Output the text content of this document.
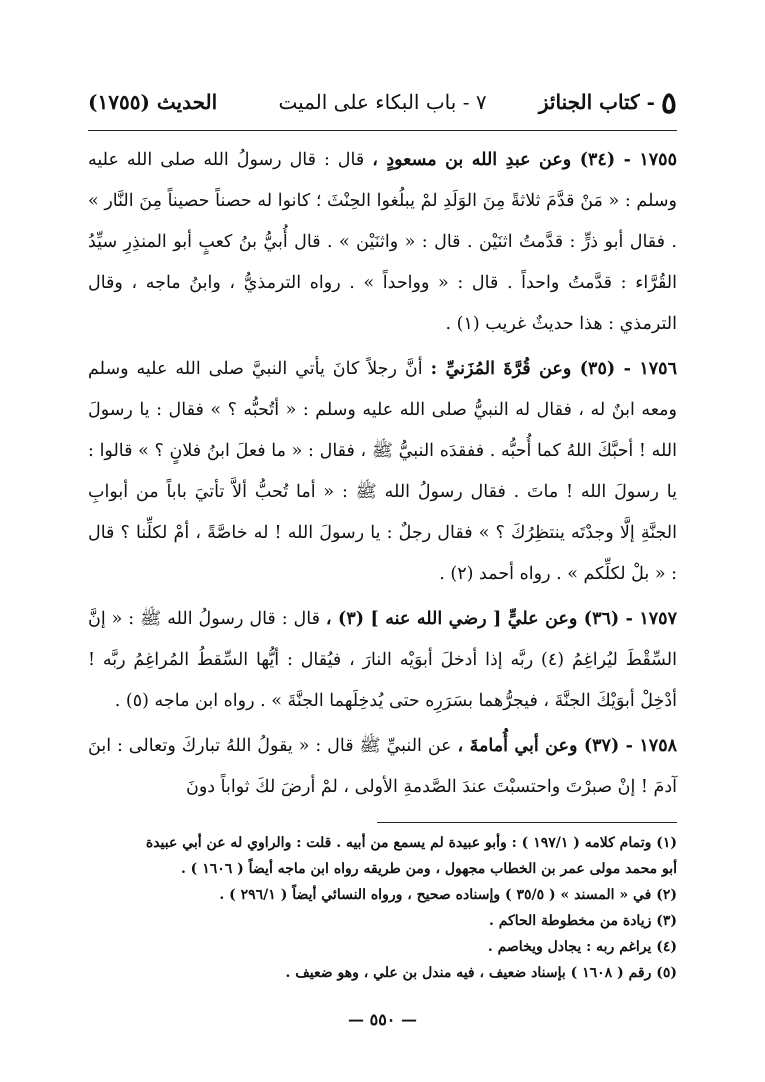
٥- كتاب الجنائز
٧ - باب البكاء على الميت
الحديث (١٧٥٥)

١٧٥٥ - (٣٤) وعن عبدِ الله بن مسعودٍ ، قال : قال رسولُ الله صلى الله عليه وسلم : « مَنْ قدَّمَ ثلاثةً مِنَ الوَلَدِ لمْ يبلُغوا الحِنْثَ ؛ كانوا له حصناً حصيناً مِنَ النَّار » . فقال أبو ذرٍّ : قدَّمتُ اثنَيْن . قال : « واثنَيْن » . قال أُبيُّ بنُ كعبٍ أبو المنذِرِ سيِّدُ القُرَّاء : قدَّمتُ واحداً . قال : « وواحداً » . رواه الترمذيُّ ، وابنُ ماجه ، وقال الترمذي : هذا حديثٌ غريب (١) .

١٧٥٦ - (٣٥) وعن قُرَّةَ المُزَنيِّ : أنَّ رجلاً كانَ يأتي النبيَّ صلى الله عليه وسلم ومعه ابنٌ له ، فقال له النبيُّ صلى الله عليه وسلم : « أتُحبُّه ؟ » فقال : يا رسولَ الله ! أحبَّكَ اللهُ كما أُحبُّه . ففقدَه النبيُّ ﷺ ، فقال : « ما فعلَ ابنُ فلانٍ ؟ » قالوا : يا رسولَ الله ! ماتَ . فقال رسولُ الله ﷺ : « أما تُحبُّ ألاَّ تأتيَ باباً من أبوابِ الجنَّةِ إلَّا وجدْتَه ينتظِرُكَ ؟ » فقال رجلٌ : يا رسولَ الله ! له خاصَّةً ، أمْ لكلِّنا ؟ قال : « بلْ لكلِّكم » . رواه أحمد (٢) .

١٧٥٧ - (٣٦) وعن عليٍّ [ رضي الله عنه ] (٣) ، قال : قال رسولُ الله ﷺ : « إنَّ السِّقْطَ ليُراغِمُ (٤) ربَّه إذا أدخلَ أبوَيْه النارَ ، فيُقال : أيُّها السِّقطُ المُراغِمُ ربَّه ! أدْخِلْ أبوَيْكَ الجنَّةَ ، فيجرُّهما بسَرَرِه حتى يُدخِلَهما الجنَّةَ » . رواه ابن ماجه (٥) .

١٧٥٨ - (٣٧) وعن أبي أُمامةَ ، عن النبيِّ ﷺ قال : « يقولُ اللهُ تباركَ وتعالى : ابنَ آدمَ ! إنْ صبرْتَ واحتسبْتَ عندَ الصَّدمةِ الأولى ، لمْ أرضَ لكَ ثواباً دونَ

(١) وتمام كلامه ( ١٩٧/١ ) : وأبو عبيدة لم يسمع من أبيه . قلت : والراوي له عن أبي عبيدة
أبو محمد مولى عمر بن الخطاب مجهول ، ومن طريقه رواه ابن ماجه أيضاً ( ١٦٠٦ ) .
(٢) في « المسند » ( ٣٥/٥ ) وإسناده صحيح ، ورواه النسائي أيضاً ( ٢٩٦/١ ) .
(٣) زيادة من مخطوطة الحاكم .
(٤) يراغم ربه : يجادل ويخاصم .
(٥) رقم ( ١٦٠٨ ) بإسناد ضعيف ، فيه مندل بن علي ، وهو ضعيف .
— ٥٥٠ —
